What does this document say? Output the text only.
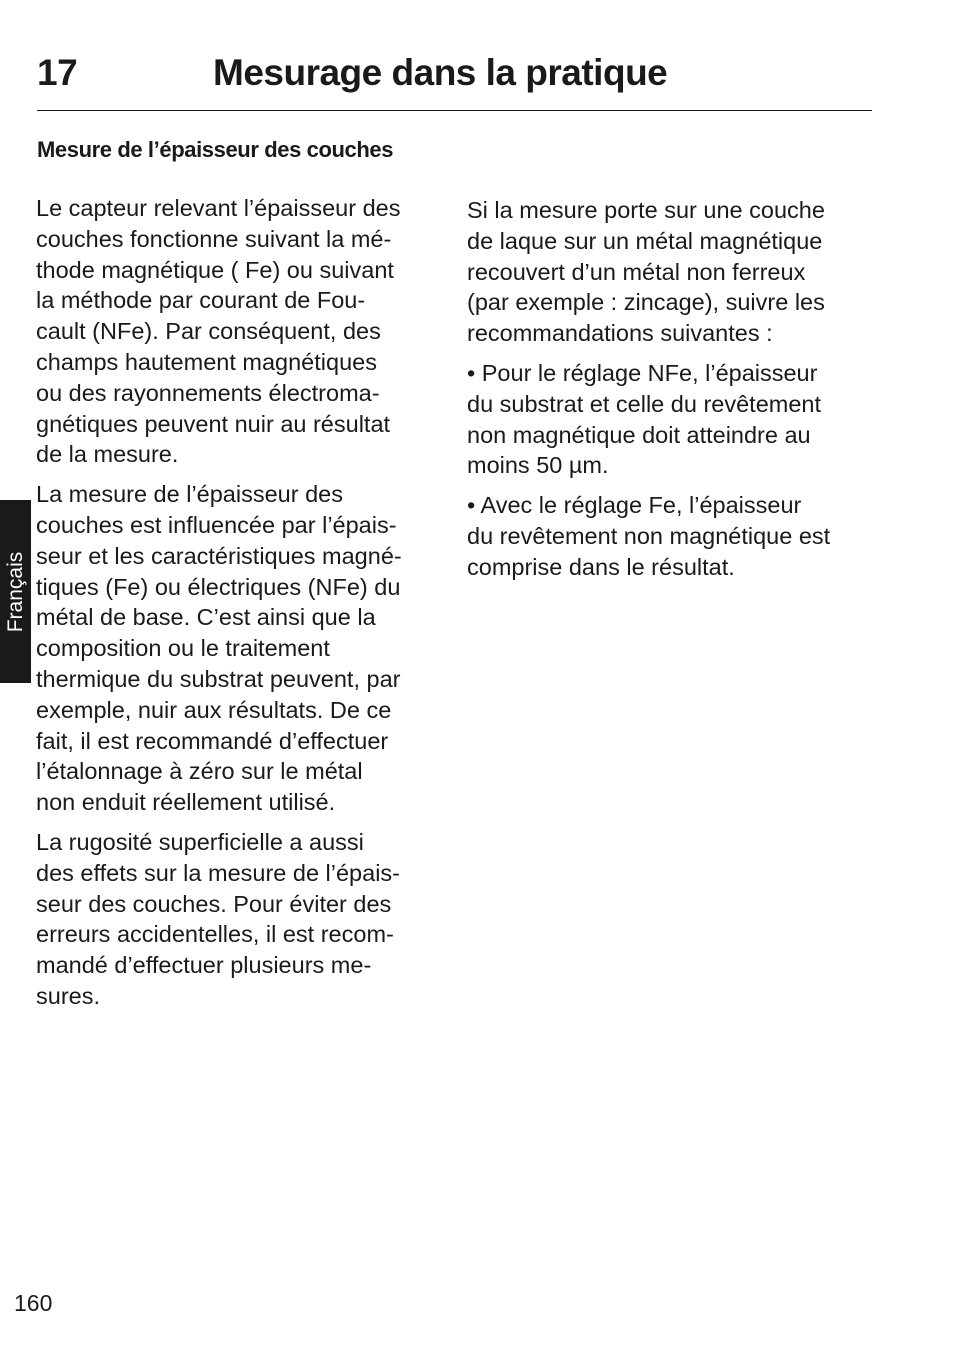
17	Mesurage dans la pratique
Mesure de l’épaisseur des couches
Le capteur relevant l’épaisseur des
couches fonctionne suivant la mé-
thode magnétique ( Fe) ou suivant
la méthode par courant de Fou-
cault (NFe). Par conséquent, des
champs hautement magnétiques
ou des rayonnements électroma-
gnétiques peuvent nuir au résultat
de la mesure.
La mesure de l’épaisseur des
couches est influencée par l’épais-
seur et les caractéristiques magné-
tiques (Fe) ou électriques (NFe) du
métal de base. C’est ainsi que la
composition ou le traitement
thermique du substrat peuvent, par
exemple, nuir aux résultats. De ce
fait, il est recommandé d’effectuer
l’étalonnage à zéro sur le métal
non enduit réellement utilisé.
La rugosité superficielle a aussi
des effets sur la mesure de l’épais-
seur des couches. Pour éviter des
erreurs accidentelles, il est recom-
mandé d’effectuer plusieurs me-
sures.
Si la mesure porte sur une couche
de laque sur un métal magnétique
recouvert d’un métal non ferreux
(par exemple : zincage), suivre les
recommandations suivantes :
• Pour le réglage NFe, l’épaisseur
du substrat et celle du revêtement
non magnétique doit atteindre au
moins 50 µm.
• Avec le réglage Fe, l’épaisseur
du revêtement non magnétique est
comprise dans le résultat.
Français
160
